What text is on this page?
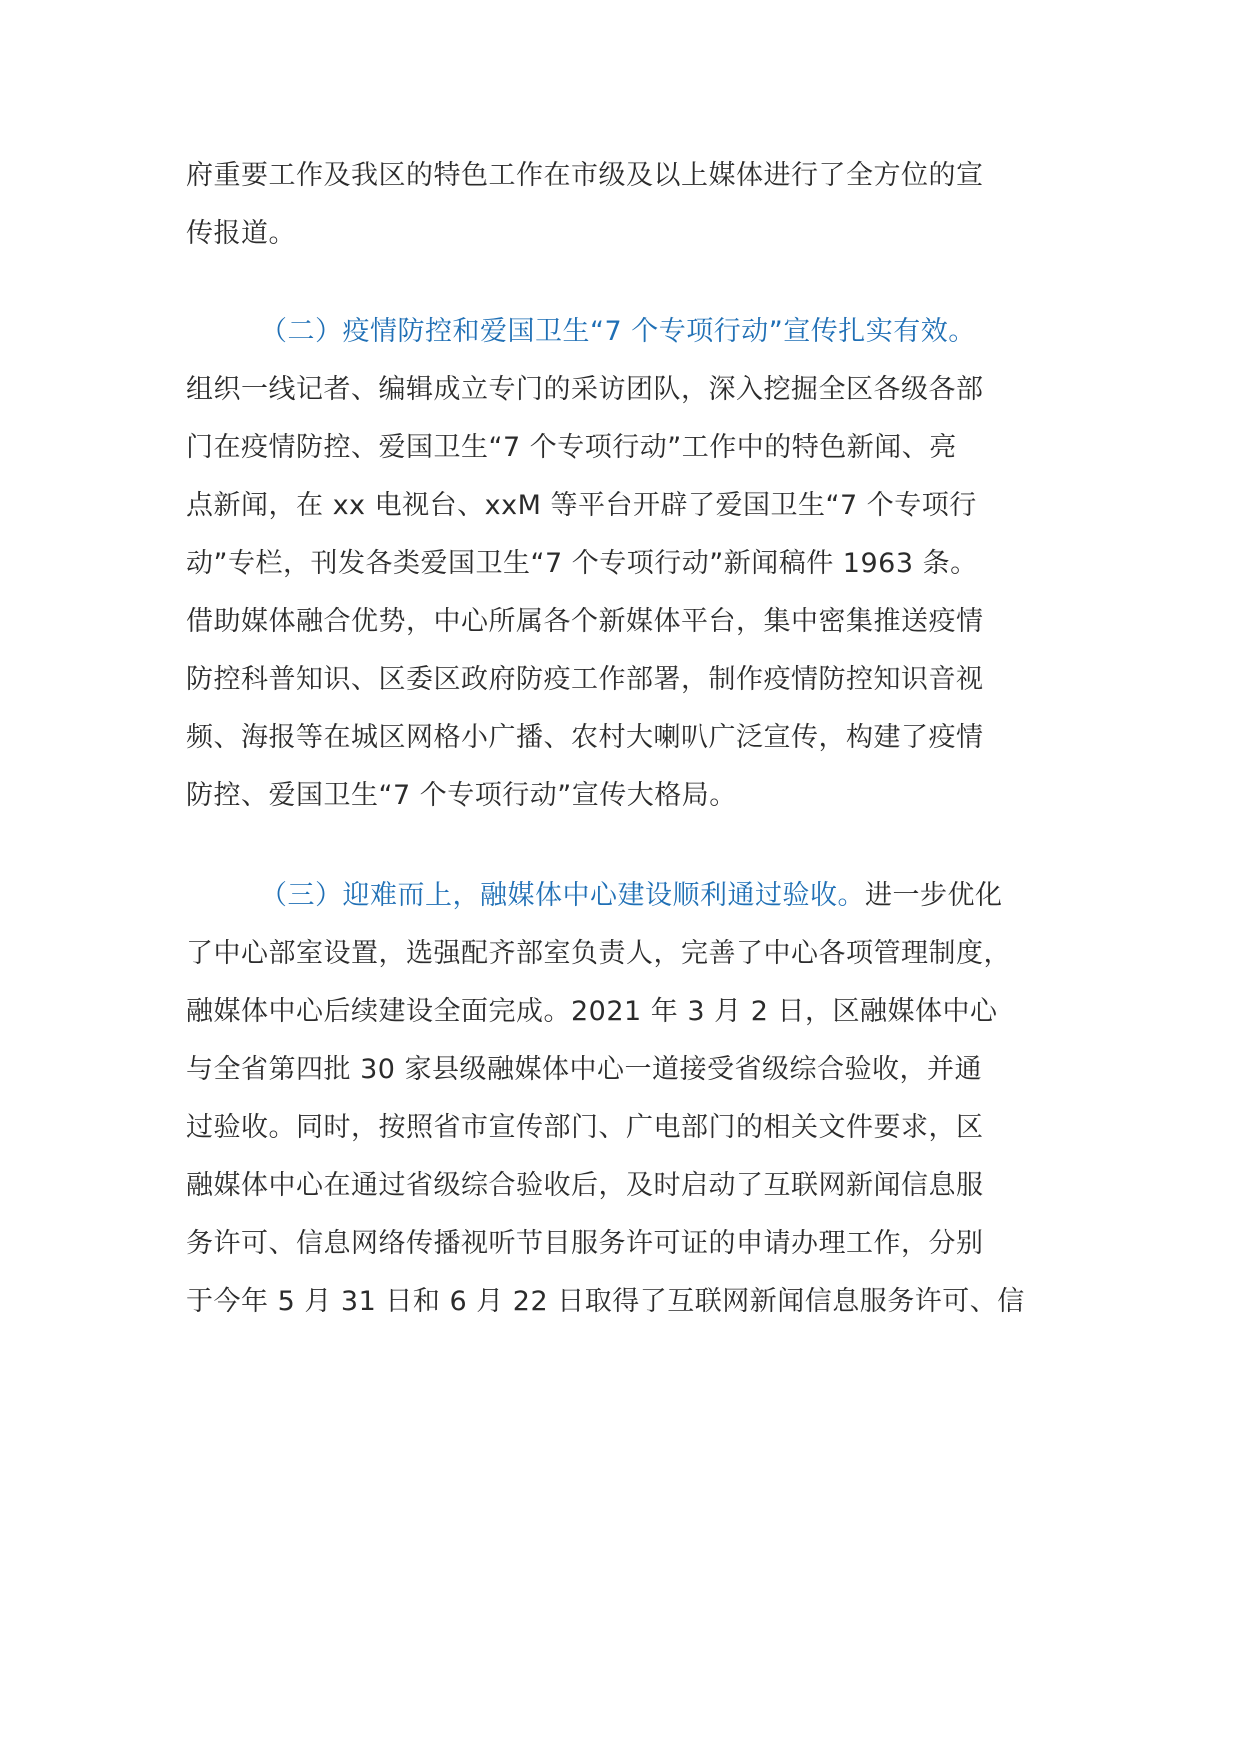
府重要工作及我区的特色工作在市级及以上媒体进行了全方位的宣
传报道。
（二）疫情防控和爱国卫生“7 个专项行动”宣传扎实有效。
组织一线记者、编辑成立专门的采访团队，深入挖掘全区各级各部
门在疫情防控、爱国卫生“7 个专项行动”工作中的特色新闻、亮
点新闻，在 xx 电视台、xxM 等平台开辟了爱国卫生“7 个专项行
动”专栏，刊发各类爱国卫生“7 个专项行动”新闻稿件 1963 条。
借助媒体融合优势，中心所属各个新媒体平台，集中密集推送疫情
防控科普知识、区委区政府防疫工作部署，制作疫情防控知识音视
频、海报等在城区网格小广播、农村大喇叭广泛宣传，构建了疫情
防控、爱国卫生“7 个专项行动”宣传大格局。
（三）迎难而上，融媒体中心建设顺利通过验收。进一步优化
了中心部室设置，选强配齐部室负责人，完善了中心各项管理制度，
融媒体中心后续建设全面完成。2021 年 3 月 2 日，区融媒体中心
与全省第四批 30 家县级融媒体中心一道接受省级综合验收，并通
过验收。同时，按照省市宣传部门、广电部门的相关文件要求，区
融媒体中心在通过省级综合验收后，及时启动了互联网新闻信息服
务许可、信息网络传播视听节目服务许可证的申请办理工作，分别
于今年 5 月 31 日和 6 月 22 日取得了互联网新闻信息服务许可、信
